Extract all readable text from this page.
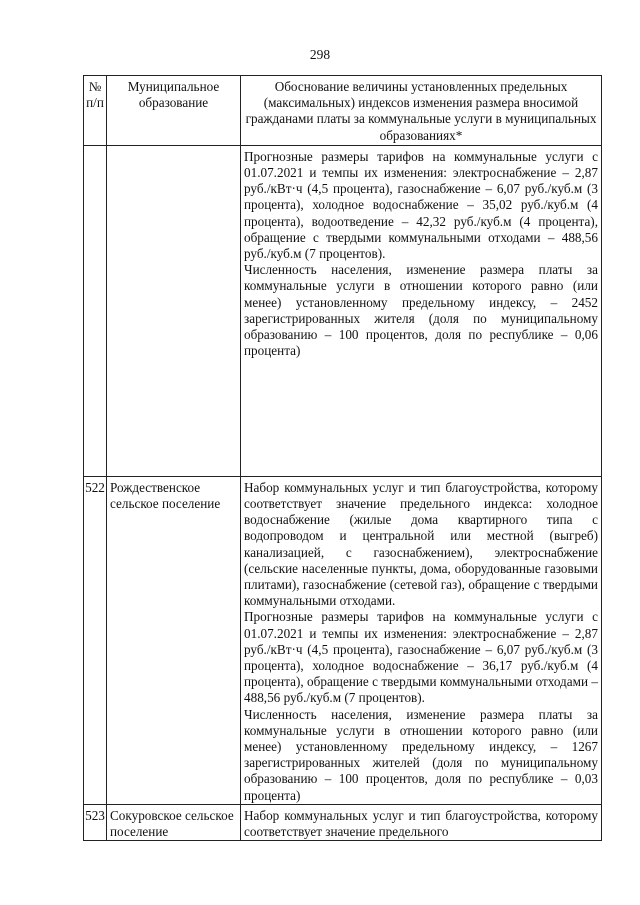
298
№ п/п	Муниципальное образование	Обоснование величины установленных предельных (максимальных) индексов изменения размера вносимой гражданами платы за коммунальные услуги в муниципальных образованиях*

		Прогнозные размеры тарифов на коммунальные услуги с 01.07.2021 и темпы их изменения: электроснабжение – 2,87 руб./кВт·ч (4,5 процента), газоснабжение – 6,07 руб./куб.м (3 процента), холодное водоснабжение – 35,02 руб./куб.м (4 процента), водоотведение – 42,32 руб./куб.м (4 процента), обращение с твердыми коммунальными отходами – 488,56 руб./куб.м (7 процентов).
Численность населения, изменение размера платы за коммунальные услуги в отношении которого равно (или менее) установленному предельному индексу, – 2452 зарегистрированных жителя (доля по муниципальному образованию – 100 процентов, доля по республике – 0,06 процента)

522	Рождественское сельское поселение	Набор коммунальных услуг и тип благоустройства, которому соответствует значение предельного индекса: холодное водоснабжение (жилые дома квартирного типа с водопроводом и центральной или местной (выгреб) канализацией, с газоснабжением), электроснабжение (сельские населенные пункты, дома, оборудованные газовыми плитами), газоснабжение (сетевой газ), обращение с твердыми коммунальными отходами.
Прогнозные размеры тарифов на коммунальные услуги с 01.07.2021 и темпы их изменения: электроснабжение – 2,87 руб./кВт·ч (4,5 процента), газоснабжение – 6,07 руб./куб.м (3 процента), холодное водоснабжение – 36,17 руб./куб.м (4 процента), обращение с твердыми коммунальными отходами – 488,56 руб./куб.м (7 процентов).
Численность населения, изменение размера платы за коммунальные услуги в отношении которого равно (или менее) установленному предельному индексу, – 1267 зарегистрированных жителей (доля по муниципальному образованию – 100 процентов, доля по республике – 0,03 процента)

523	Сокуровское сельское поселение	Набор коммунальных услуг и тип благоустройства, которому соответствует значение предельного
